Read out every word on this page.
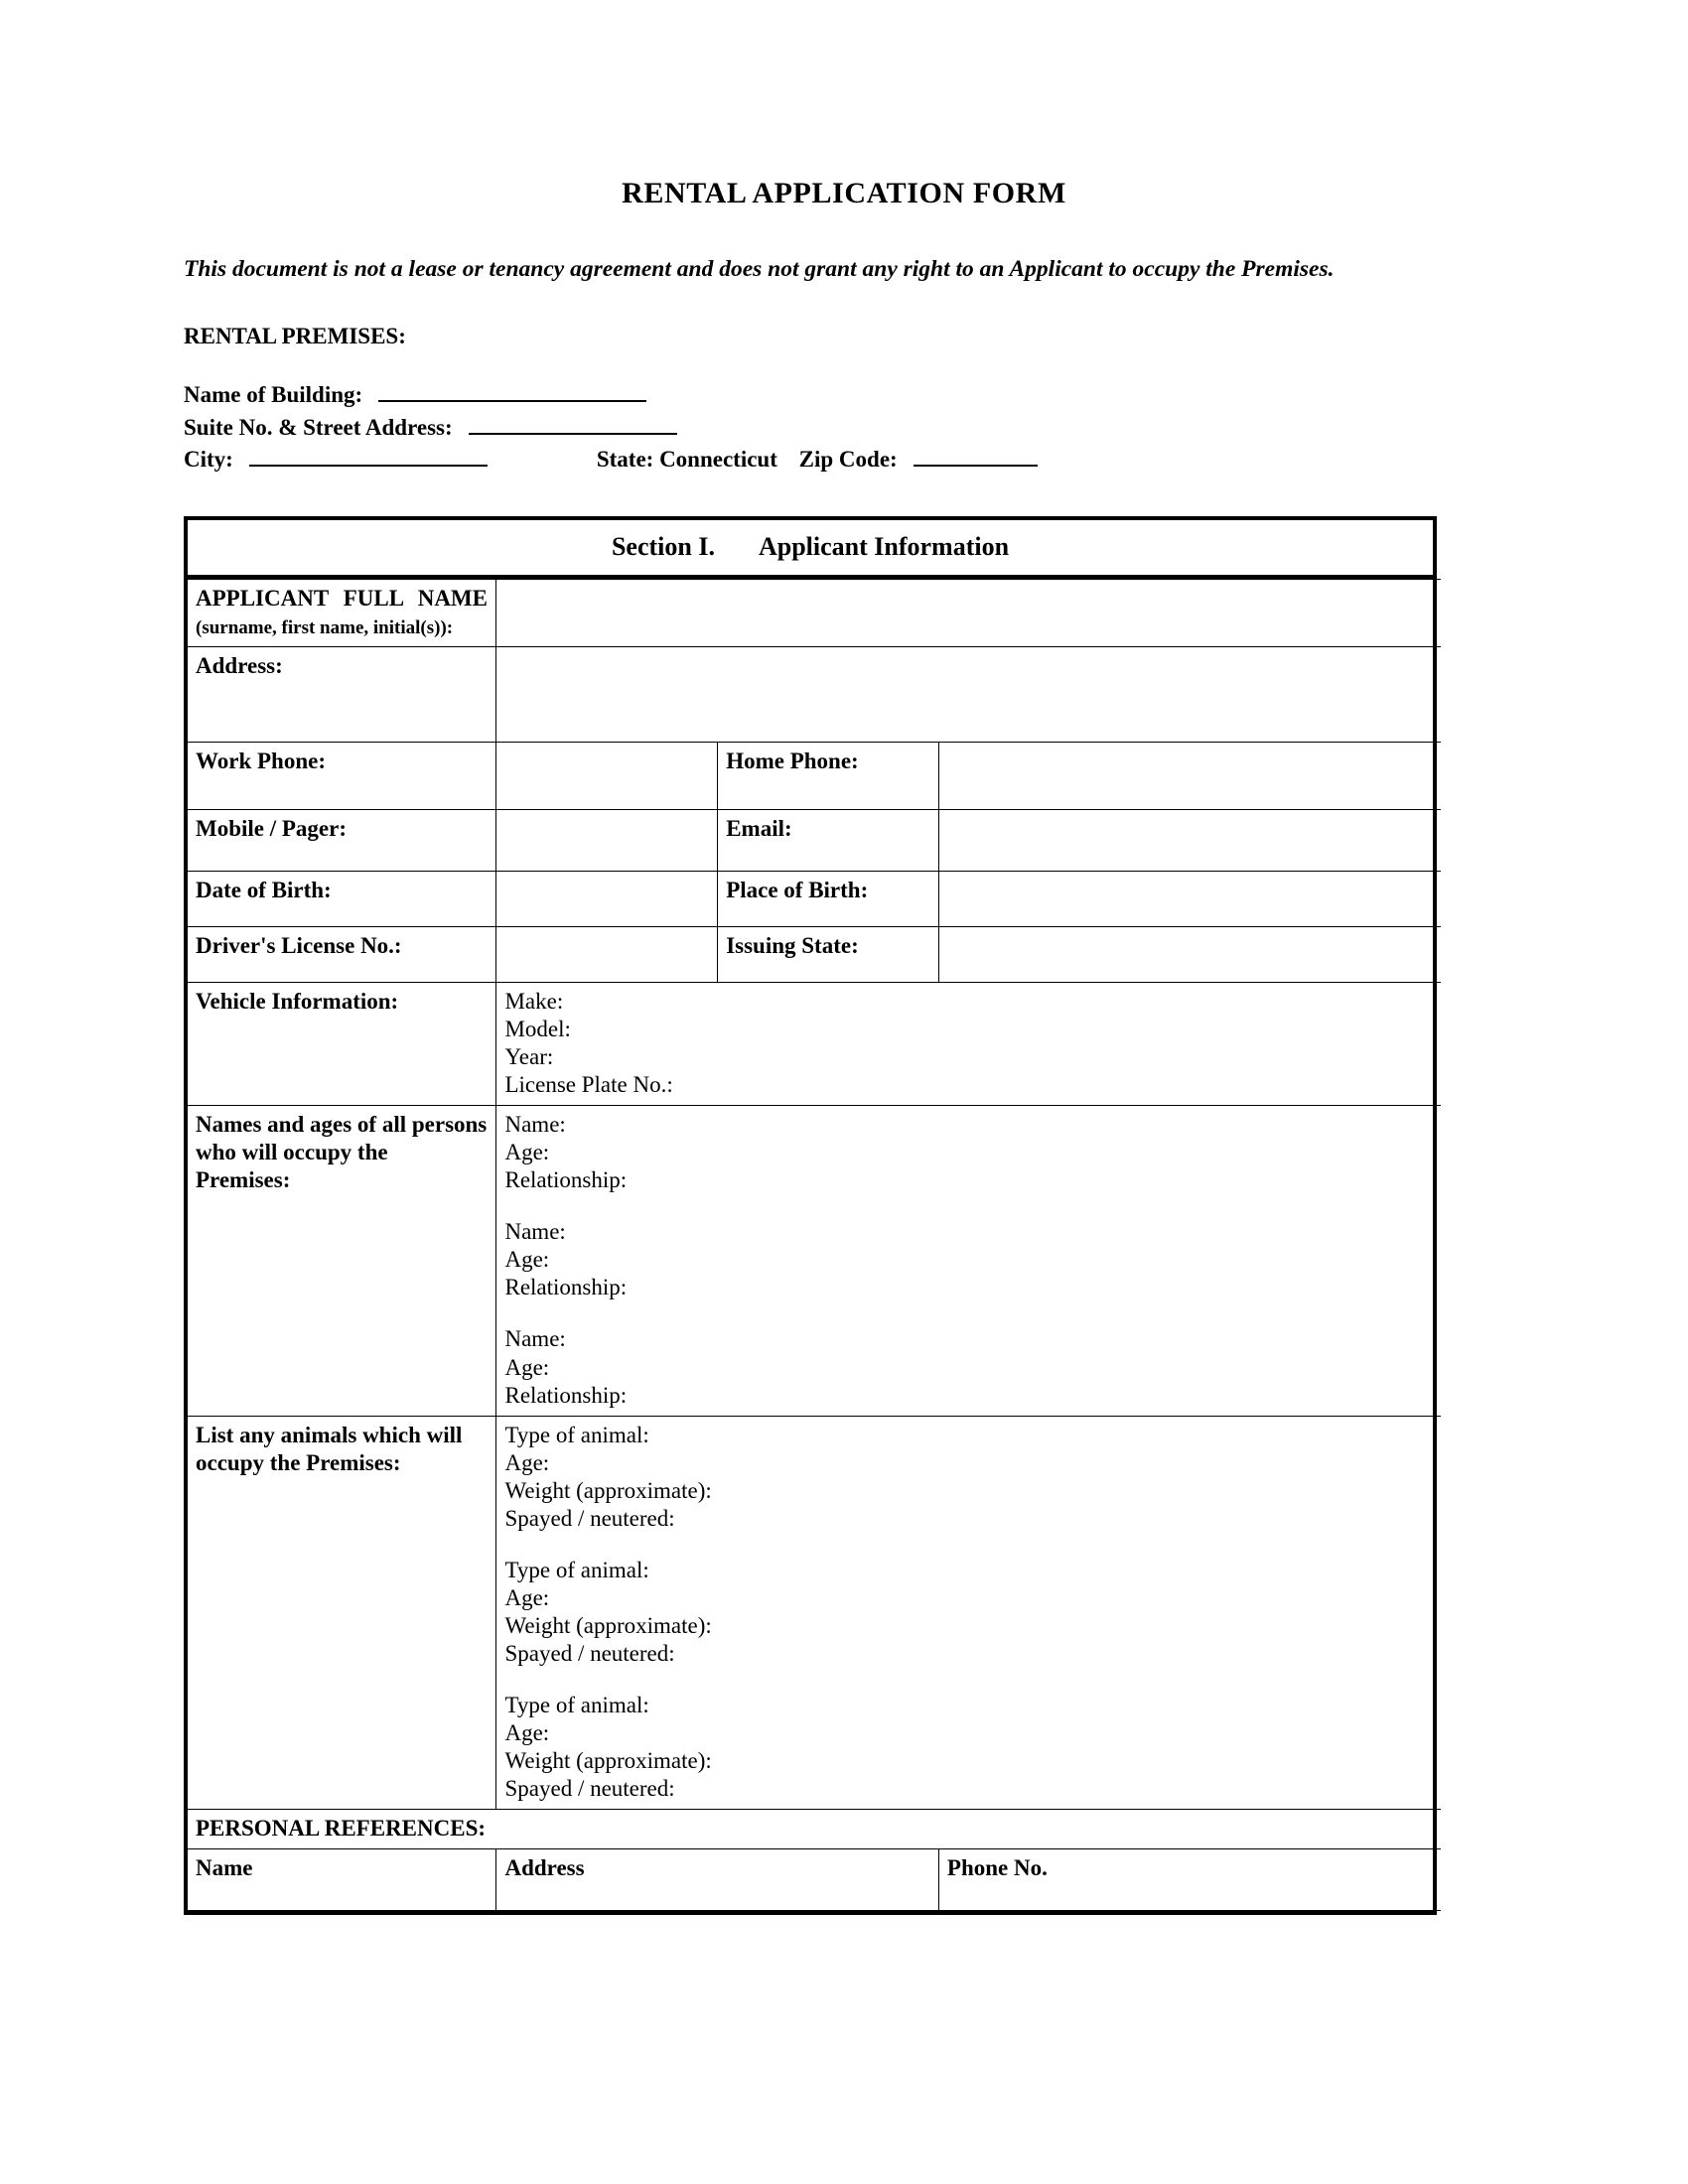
RENTAL APPLICATION FORM

This document is not a lease or tenancy agreement and does not grant any right to an Applicant to occupy the Premises.

RENTAL PREMISES:
Name of Building:
Suite No. & Street Address:
City:	State: Connecticut Zip Code:
Section I. Applicant Information
APPLICANT FULL NAME
(surname, first name, initial(s)):			
Address:			
Work Phone:		Home Phone:	
Mobile / Pager:		Email:	
Date of Birth:		Place of Birth:	
Driver's License No.:		Issuing State:	
Vehicle Information:	Make:
Model:
Year:
License Plate No.:		

Names and ages of all persons who will occupy the Premises:	
Name:
Age:
Relationship:

Name:
Age:
Relationship:

Name:
Age:
Relationship:

List any animals which will occupy the Premises:	
Type of animal:
Age:
Weight (approximate):
Spayed / neutered:

Type of animal:
Age:
Weight (approximate):
Spayed / neutered:

Type of animal:
Age:
Weight (approximate):
Spayed / neutered:

PERSONAL REFERENCES:			
Name	Address		Phone No.
